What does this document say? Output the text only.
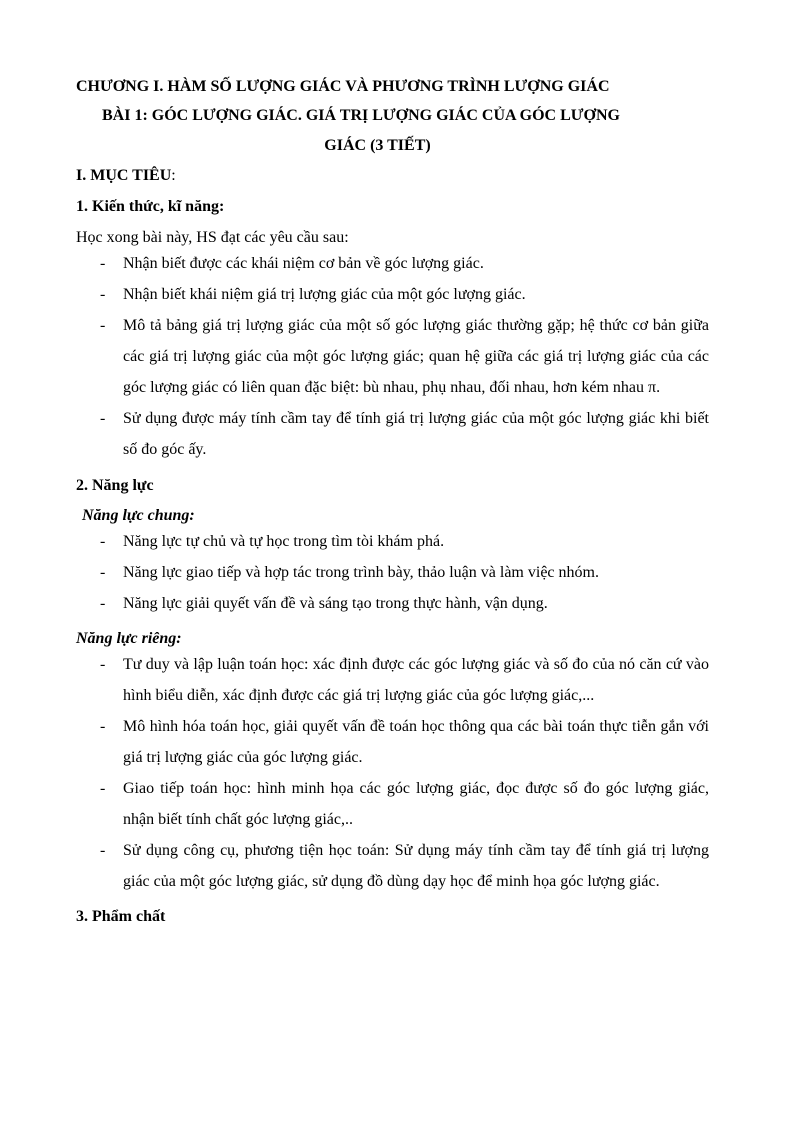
CHƯƠNG I. HÀM SỐ LƯỢNG GIÁC VÀ PHƯƠNG TRÌNH LƯỢNG GIÁC
BÀI 1: GÓC LƯỢNG GIÁC. GIÁ TRỊ LƯỢNG GIÁC CỦA GÓC LƯỢNG
GIÁC (3 TIẾT)
I. MỤC TIÊU:
1. Kiến thức, kĩ năng:
Học xong bài này, HS đạt các yêu cầu sau:
- Nhận biết được các khái niệm cơ bản về góc lượng giác.
- Nhận biết khái niệm giá trị lượng giác của một góc lượng giác.
- Mô tả bảng giá trị lượng giác của một số góc lượng giác thường gặp; hệ thức cơ bản giữa các giá trị lượng giác của một góc lượng giác; quan hệ giữa các giá trị lượng giác của các góc lượng giác có liên quan đặc biệt: bù nhau, phụ nhau, đối nhau, hơn kém nhau π.
- Sử dụng được máy tính cầm tay để tính giá trị lượng giác của một góc lượng giác khi biết số đo góc ấy.
2. Năng lực
Năng lực chung:
- Năng lực tự chủ và tự học trong tìm tòi khám phá.
- Năng lực giao tiếp và hợp tác trong trình bày, thảo luận và làm việc nhóm.
- Năng lực giải quyết vấn đề và sáng tạo trong thực hành, vận dụng.
Năng lực riêng:
- Tư duy và lập luận toán học: xác định được các góc lượng giác và số đo của nó căn cứ vào hình biểu diễn, xác định được các giá trị lượng giác của góc lượng giác,...
- Mô hình hóa toán học, giải quyết vấn đề toán học thông qua các bài toán thực tiễn gắn với giá trị lượng giác của góc lượng giác.
- Giao tiếp toán học: hình minh họa các góc lượng giác, đọc được số đo góc lượng giác, nhận biết tính chất góc lượng giác,..
- Sử dụng công cụ, phương tiện học toán: Sử dụng máy tính cầm tay để tính giá trị lượng giác của một góc lượng giác, sử dụng đồ dùng dạy học để minh họa góc lượng giác.
3. Phẩm chất
